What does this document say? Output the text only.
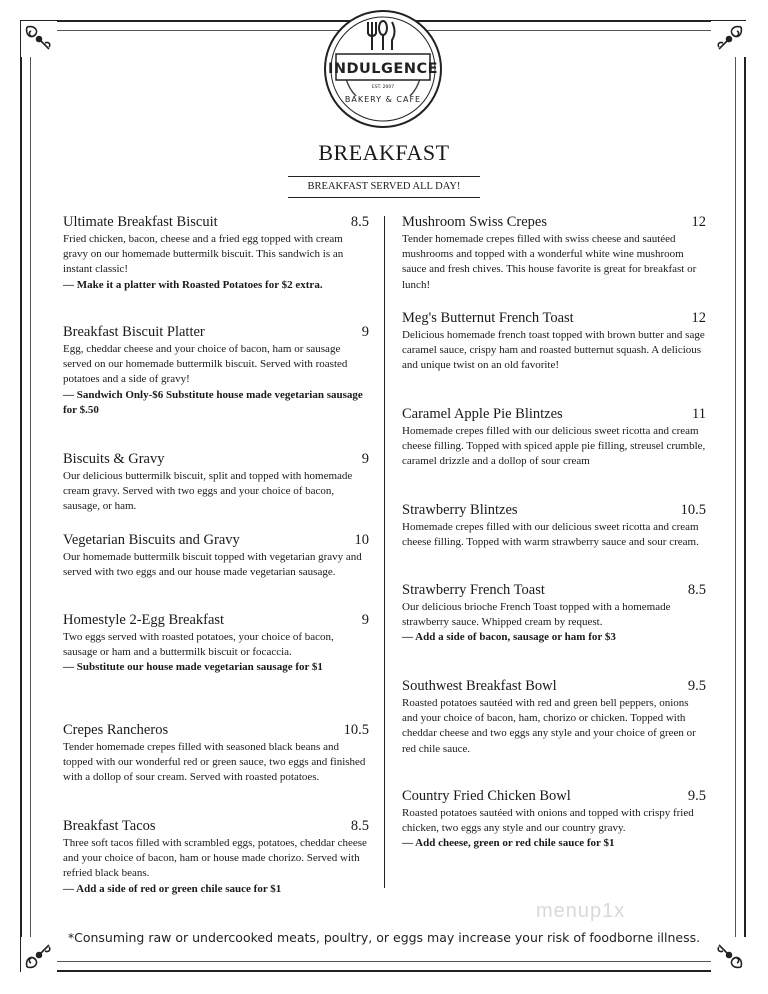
INDULGENCE
EST. 2007
BAKERY & CAFE
BREAKFAST
BREAKFAST SERVED ALL DAY!
Ultimate Breakfast Biscuit	8.5
Fried chicken, bacon, cheese and a fried egg topped with cream gravy on our homemade buttermilk biscuit. This sandwich is an instant classic!
— Make it a platter with Roasted Potatoes for $2 extra.
Breakfast Biscuit Platter	9
Egg, cheddar cheese and your choice of bacon, ham or sausage served on our homemade buttermilk biscuit. Served with roasted potatoes and a side of gravy!
— Sandwich Only-$6 Substitute house made vegetarian sausage for $.50
Biscuits & Gravy	9
Our delicious buttermilk biscuit, split and topped with homemade cream gravy. Served with two eggs and your choice of bacon, sausage, or ham.
Vegetarian Biscuits and Gravy	10
Our homemade buttermilk biscuit topped with vegetarian gravy and served with two eggs and our house made vegetarian sausage.
Homestyle 2-Egg Breakfast	9
Two eggs served with roasted potatoes, your choice of bacon, sausage or ham and a buttermilk biscuit or focaccia.
— Substitute our house made vegetarian sausage for $1
Crepes Rancheros	10.5
Tender homemade crepes filled with seasoned black beans and topped with our wonderful red or green sauce, two eggs and finished with a dollop of sour cream. Served with roasted potatoes.
Breakfast Tacos	8.5
Three soft tacos filled with scrambled eggs, potatoes, cheddar cheese and your choice of bacon, ham or house made chorizo. Served with refried black beans.
— Add a side of red or green chile sauce for $1
Mushroom Swiss Crepes	12
Tender homemade crepes filled with swiss cheese and sautéed mushrooms and topped with a wonderful white wine mushroom sauce and fresh chives. This house favorite is great for breakfast or lunch!
Meg's Butternut French Toast	12
Delicious homemade french toast topped with brown butter and sage caramel sauce, crispy ham and roasted butternut squash. A delicious and unique twist on an old favorite!
Caramel Apple Pie Blintzes	11
Homemade crepes filled with our delicious sweet ricotta and cream cheese filling. Topped with spiced apple pie filling, streusel crumble, caramel drizzle and a dollop of sour cream
Strawberry Blintzes	10.5
Homemade crepes filled with our delicious sweet ricotta and cream cheese filling. Topped with warm strawberry sauce and sour cream.
Strawberry French Toast	8.5
Our delicious brioche French Toast topped with a homemade strawberry sauce. Whipped cream by request.
— Add a side of bacon, sausage or ham for $3
Southwest Breakfast Bowl	9.5
Roasted potatoes sautéed with red and green bell peppers, onions and your choice of bacon, ham, chorizo or chicken. Topped with cheddar cheese and two eggs any style and your choice of green or red chile sauce.
Country Fried Chicken Bowl	9.5
Roasted potatoes sautéed with onions and topped with crispy fried chicken, two eggs any style and our country gravy.
— Add cheese, green or red chile sauce for $1
menup1x
*Consuming raw or undercooked meats, poultry, or eggs may increase your risk of foodborne illness.
